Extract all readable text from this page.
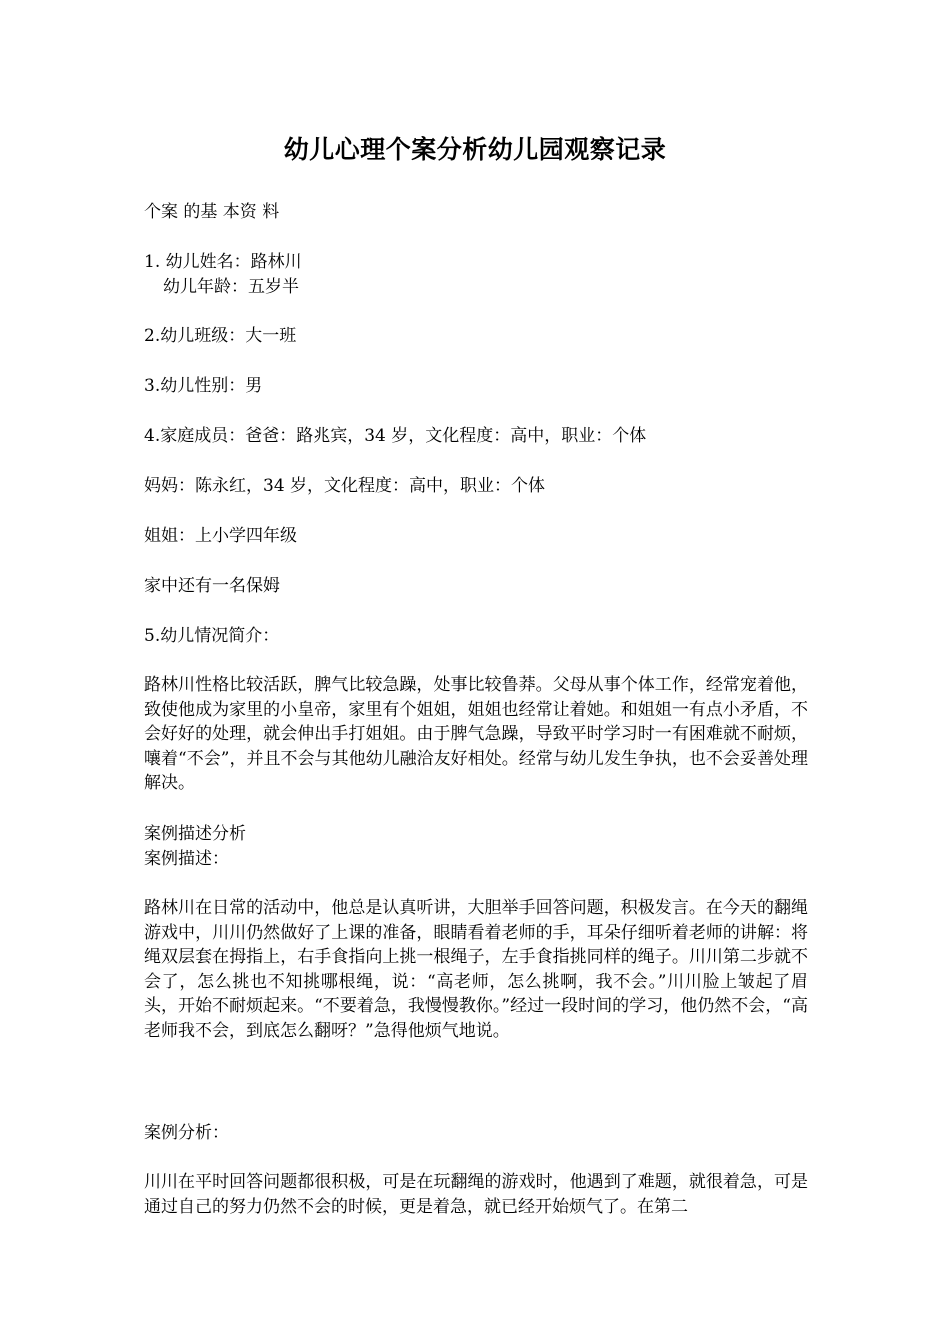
幼儿心理个案分析幼儿园观察记录
个案 的基 本资 料
1. 幼儿姓名：路林川
幼儿年龄：五岁半
2.幼儿班级：大一班
3.幼儿性别：男
4.家庭成员：爸爸：路兆宾，34 岁，文化程度：高中，职业：个体
妈妈：陈永红，34 岁，文化程度：高中，职业：个体
姐姐：上小学四年级
家中还有一名保姆
5.幼儿情况简介：
路林川性格比较活跃，脾气比较急躁，处事比较鲁莽。父母从事个体工作，经常宠着他，致使他成为家里的小皇帝，家里有个姐姐，姐姐也经常让着她。和姐姐一有点小矛盾，不会好好的处理，就会伸出手打姐姐。由于脾气急躁，导致平时学习时一有困难就不耐烦，嚷着“不会”，并且不会与其他幼儿融洽友好相处。经常与幼儿发生争执，也不会妥善处理解决。
案例描述分析
案例描述：
路林川在日常的活动中，他总是认真听讲，大胆举手回答问题，积极发言。在今天的翻绳游戏中，川川仍然做好了上课的准备，眼睛看着老师的手，耳朵仔细听着老师的讲解：将绳双层套在拇指上，右手食指向上挑一根绳子，左手食指挑同样的绳子。川川第二步就不会了，怎么挑也不知挑哪根绳，说：“高老师，怎么挑啊，我不会。”川川脸上皱起了眉头，开始不耐烦起来。“不要着急，我慢慢教你。”经过一段时间的学习，他仍然不会，“高老师我不会，到底怎么翻呀？”急得他烦气地说。
案例分析：
川川在平时回答问题都很积极，可是在玩翻绳的游戏时，他遇到了难题，就很着急，可是通过自己的努力仍然不会的时候，更是着急，就已经开始烦气了。在第二
